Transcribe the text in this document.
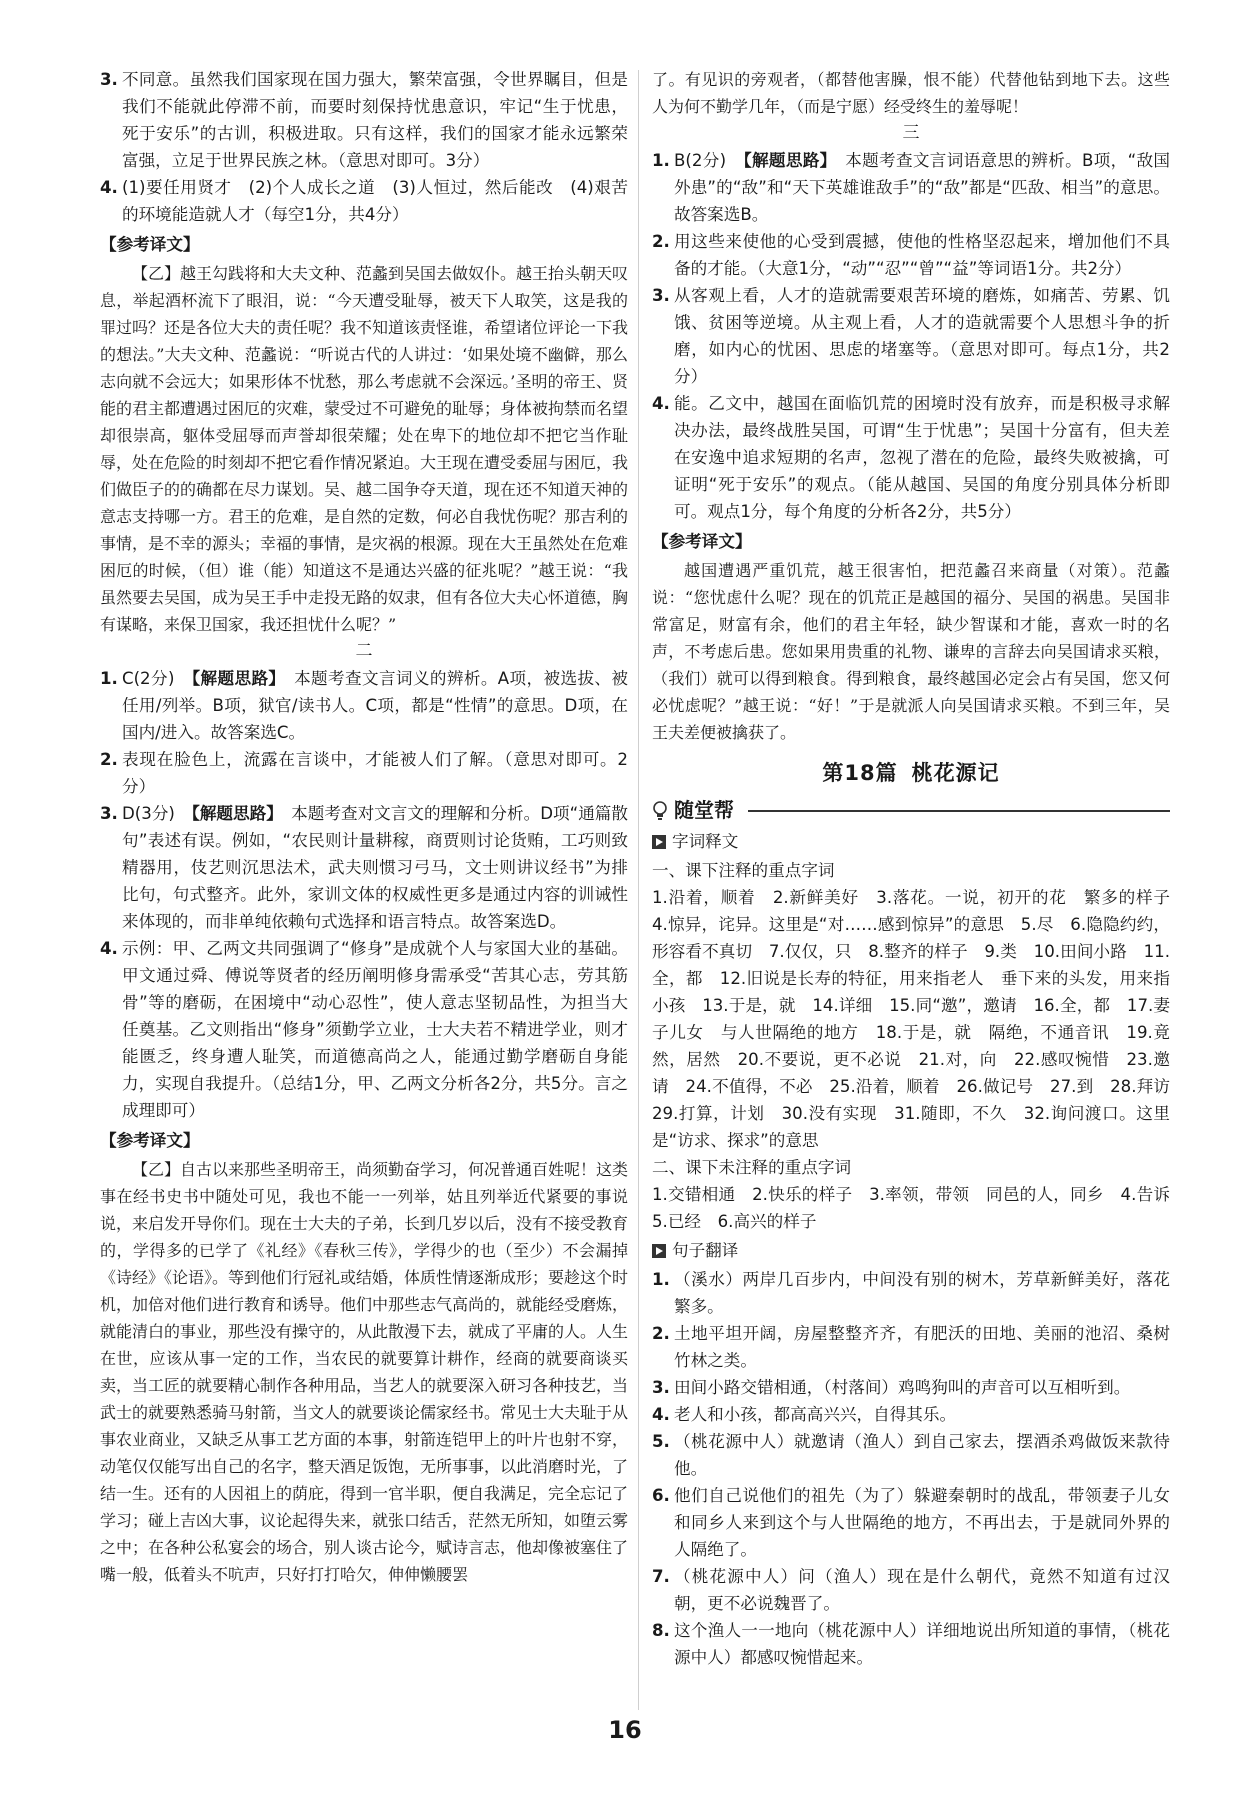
3. 不同意。虽然我们国家现在国力强大，繁荣富强，令世界瞩目，但是我们不能就此停滞不前，而要时刻保持忧患意识，牢记“生于忧患，死于安乐”的古训，积极进取。只有这样，我们的国家才能永远繁荣富强，立足于世界民族之林。（意思对即可。3分）

4. (1)要任用贤才　(2)个人成长之道　(3)人恒过，然后能改　(4)艰苦的环境能造就人才（每空1分，共4分）

【参考译文】

【乙】越王勾践将和大夫文种、范蠡到吴国去做奴仆。越王抬头朝天叹息，举起酒杯流下了眼泪，说：“今天遭受耻辱，被天下人取笑，这是我的罪过吗？还是各位大夫的责任呢？我不知道该责怪谁，希望诸位评论一下我的想法。”大夫文种、范蠡说：“听说古代的人讲过：‘如果处境不幽僻，那么志向就不会远大；如果形体不忧愁，那么考虑就不会深远。’圣明的帝王、贤能的君主都遭遇过困厄的灾难，蒙受过不可避免的耻辱；身体被拘禁而名望却很崇高，躯体受屈辱而声誉却很荣耀；处在卑下的地位却不把它当作耻辱，处在危险的时刻却不把它看作情况紧迫。大王现在遭受委屈与困厄，我们做臣子的的确都在尽力谋划。吴、越二国争夺天道，现在还不知道天神的意志支持哪一方。君王的危难，是自然的定数，何必自我忧伤呢？那吉利的事情，是不幸的源头；幸福的事情，是灾祸的根源。现在大王虽然处在危难困厄的时候，（但）谁（能）知道这不是通达兴盛的征兆呢？”越王说：“我虽然要去吴国，成为吴王手中走投无路的奴隶，但有各位大夫心怀道德，胸有谋略，来保卫国家，我还担忧什么呢？”

二

1. C(2分)　【解题思路】　本题考查文言词义的辨析。A项，被选拔、被任用/列举。B项，狱官/读书人。C项，都是“性情”的意思。D项，在国内/进入。故答案选C。

2. 表现在脸色上，流露在言谈中，才能被人们了解。（意思对即可。2分）

3. D(3分)　【解题思路】　本题考查对文言文的理解和分析。D项“通篇散句”表述有误。例如，“农民则计量耕稼，商贾则讨论货贿，工巧则致精器用，伎艺则沉思法术，武夫则惯习弓马，文士则讲议经书”为排比句，句式整齐。此外，家训文体的权威性更多是通过内容的训诫性来体现的，而非单纯依赖句式选择和语言特点。故答案选D。

4. 示例：甲、乙两文共同强调了“修身”是成就个人与家国大业的基础。甲文通过舜、傅说等贤者的经历阐明修身需承受“苦其心志，劳其筋骨”等的磨砺，在困境中“动心忍性”，使人意志坚韧品性，为担当大任奠基。乙文则指出“修身”须勤学立业，士大夫若不精进学业，则才能匮乏，终身遭人耻笑，而道德高尚之人，能通过勤学磨砺自身能力，实现自我提升。（总结1分，甲、乙两文分析各2分，共5分。言之成理即可）

【参考译文】

【乙】自古以来那些圣明帝王，尚须勤奋学习，何况普通百姓呢！这类事在经书史书中随处可见，我也不能一一列举，姑且列举近代紧要的事说说，来启发开导你们。现在士大夫的子弟，长到几岁以后，没有不接受教育的，学得多的已学了《礼经》《春秋三传》，学得少的也（至少）不会漏掉《诗经》《论语》。等到他们行冠礼或结婚，体质性情逐渐成形；要趁这个时机，加倍对他们进行教育和诱导。他们中那些志气高尚的，就能经受磨炼，就能清白的事业，那些没有操守的，从此散漫下去，就成了平庸的人。人生在世，应该从事一定的工作，当农民的就要算计耕作，经商的就要商谈买卖，当工匠的就要精心制作各种用品，当艺人的就要深入研习各种技艺，当武士的就要熟悉骑马射箭，当文人的就要谈论儒家经书。常见士大夫耻于从事农业商业，又缺乏从事工艺方面的本事，射箭连铠甲上的叶片也射不穿，动笔仅仅能写出自己的名字，整天酒足饭饱，无所事事，以此消磨时光，了结一生。还有的人因祖上的荫庇，得到一官半职，便自我满足，完全忘记了学习；碰上吉凶大事，议论起得失来，就张口结舌，茫然无所知，如堕云雾之中；在各种公私宴会的场合，别人谈古论今，赋诗言志，他却像被塞住了嘴一般，低着头不吭声，只好打打哈欠，伸伸懒腰罢

了。有见识的旁观者，（都替他害臊，恨不能）代替他钻到地下去。这些人为何不勤学几年，（而是宁愿）经受终生的羞辱呢！

三

1. B(2分)　【解题思路】　本题考查文言词语意思的辨析。B项，“敌国外患”的“敌”和“天下英雄谁敌手”的“敌”都是“匹敌、相当”的意思。故答案选B。

2. 用这些来使他的心受到震撼，使他的性格坚忍起来，增加他们不具备的才能。（大意1分，“动”“忍”“曾”“益”等词语1分。共2分）

3. 从客观上看，人才的造就需要艰苦环境的磨炼，如痛苦、劳累、饥饿、贫困等逆境。从主观上看，人才的造就需要个人思想斗争的折磨，如内心的忧困、思虑的堵塞等。（意思对即可。每点1分，共2分）

4. 能。乙文中，越国在面临饥荒的困境时没有放弃，而是积极寻求解决办法，最终战胜吴国，可谓“生于忧患”；吴国十分富有，但夫差在安逸中追求短期的名声，忽视了潜在的危险，最终失败被擒，可证明“死于安乐”的观点。（能从越国、吴国的角度分别具体分析即可。观点1分，每个角度的分析各2分，共5分）

【参考译文】

越国遭遇严重饥荒，越王很害怕，把范蠡召来商量（对策）。范蠡说：“您忧虑什么呢？现在的饥荒正是越国的福分、吴国的祸患。吴国非常富足，财富有余，他们的君主年轻，缺少智谋和才能，喜欢一时的名声，不考虑后患。您如果用贵重的礼物、谦卑的言辞去向吴国请求买粮，（我们）就可以得到粮食。得到粮食，最终越国必定会占有吴国，您又何必忧虑呢？”越王说：“好！”于是就派人向吴国请求买粮。不到三年，吴王夫差便被擒获了。

第18篇 桃花源记
随堂帮
字词释文

一、课下注释的重点字词

1.沿着，顺着　2.新鲜美好　3.落花。一说，初开的花　繁多的样子　4.惊异，诧异。这里是“对……感到惊异”的意思　5.尽　6.隐隐约约，形容看不真切　7.仅仅，只　8.整齐的样子　9.类　10.田间小路　11.全，都　12.旧说是长寿的特征，用来指老人　垂下来的头发，用来指小孩　13.于是，就　14.详细　15.同“邀”，邀请　16.全，都　17.妻子儿女　与人世隔绝的地方　18.于是，就　隔绝，不通音讯　19.竟然，居然　20.不要说，更不必说　21.对，向　22.感叹惋惜　23.邀请　24.不值得，不必　25.沿着，顺着　26.做记号　27.到　28.拜访　29.打算，计划　30.没有实现　31.随即，不久　32.询问渡口。这里是“访求、探求”的意思

二、课下未注释的重点字词

1.交错相通　2.快乐的样子　3.率领，带领　同邑的人，同乡　4.告诉　5.已经　6.高兴的样子

句子翻译

1. （溪水）两岸几百步内，中间没有别的树木，芳草新鲜美好，落花繁多。

2. 土地平坦开阔，房屋整整齐齐，有肥沃的田地、美丽的池沼、桑树竹林之类。

3. 田间小路交错相通，（村落间）鸡鸣狗叫的声音可以互相听到。

4. 老人和小孩，都高高兴兴，自得其乐。

5. （桃花源中人）就邀请（渔人）到自己家去，摆酒杀鸡做饭来款待他。

6. 他们自己说他们的祖先（为了）躲避秦朝时的战乱，带领妻子儿女和同乡人来到这个与人世隔绝的地方，不再出去，于是就同外界的人隔绝了。

7. （桃花源中人）问（渔人）现在是什么朝代，竟然不知道有过汉朝，更不必说魏晋了。

8. 这个渔人一一地向（桃花源中人）详细地说出所知道的事情，（桃花源中人）都感叹惋惜起来。

16
